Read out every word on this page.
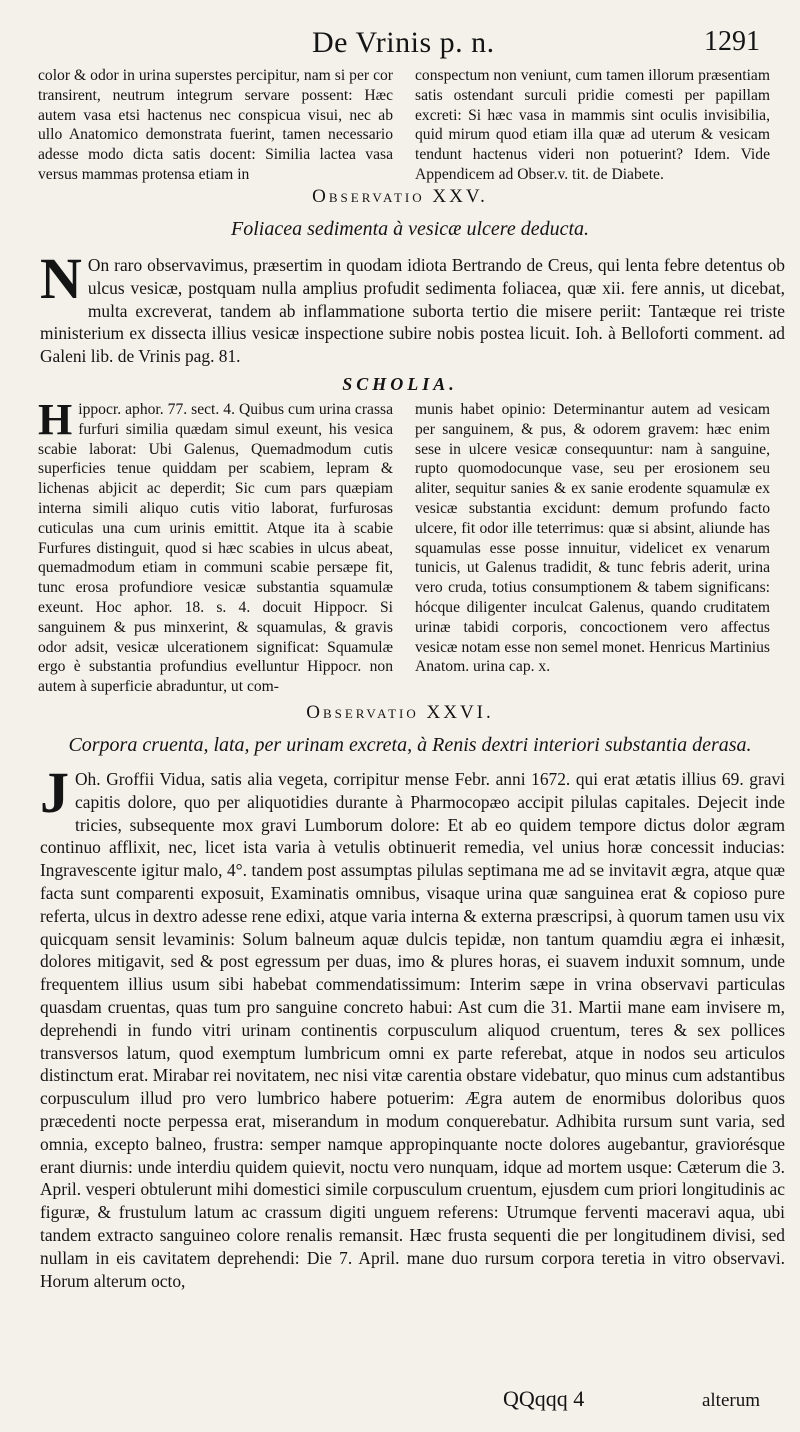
De Vrinis p. n.	1291

color & odor in urina superstes percipitur, nam si per cor transirent, neutrum integrum servare possent: Hæc autem vasa etsi hactenus nec conspicua visui, nec ab ullo Anatomico demonstrata fuerint, tamen necessario adesse modo dicta satis docent: Similia lactea vasa versus mammas protensa etiam in

conspectum non veniunt, cum tamen illorum præsentiam satis ostendant surculi pridie comesti per papillam excreti: Si hæc vasa in mammis sint oculis invisibilia, quid mirum quod etiam illa quæ ad uterum & vesicam tendunt hactenus videri non potuerint? Idem. Vide Appendicem ad Obser.v. tit. de Diabete.

Observatio XXV.
Foliacea sedimenta à vesicæ ulcere deducta.
N On raro observavimus, præsertim in quodam idiota Bertrando de Creus, qui lenta febre detentus ob ulcus vesicæ, postquam nulla amplius profudit sedimenta foliacea, quæ xii. fere annis, ut dicebat, multa excreverat, tandem ab inflammatione suborta tertio die misere periit: Tantæque rei triste ministerium ex dissecta illius vesicæ inspectione subire nobis postea licuit. Ioh. à Belloforti comment. ad Galeni lib. de Vrinis pag. 81.

SCHOLIA.
H ippocr. aphor. 77. sect. 4. Quibus cum urina crassa furfuri similia quædam simul exeunt, his vesica scabie laborat: Ubi Galenus, Quemadmodum cutis superficies tenue quiddam per scabiem, lepram & lichenas abjicit ac deperdit; Sic cum pars quæpiam interna simili aliquo cutis vitio laborat, furfurosas cuticulas una cum urinis emittit. Atque ita à scabie Furfures distinguit, quod si hæc scabies in ulcus abeat, quemadmodum etiam in communi scabie persæpe fit, tunc erosa profundiore vesicæ substantia squamulæ exeunt. Hoc aphor. 18. s. 4. docuit Hippocr. Si sanguinem & pus minxerint, & squamulas, & gravis odor adsit, vesicæ ulcerationem significat: Squamulæ ergo è substantia profundius evelluntur Hippocr. non autem à superficie abraduntur, ut com-

munis habet opinio: Determinantur autem ad vesicam per sanguinem, & pus, & odorem gravem: hæc enim sese in ulcere vesicæ consequuntur: nam à sanguine, rupto quomodocunque vase, seu per erosionem seu aliter, sequitur sanies & ex sanie erodente squamulæ ex vesicæ substantia excidunt: demum profundo facto ulcere, fit odor ille teterrimus: quæ si absint, aliunde has squamulas esse posse innuitur, videlicet ex venarum tunicis, ut Galenus tradidit, & tunc febris aderit, urina vero cruda, totius consumptionem & tabem significans: hócque diligenter inculcat Galenus, quando cruditatem urinæ tabidi corporis, concoctionem vero affectus vesicæ notam esse non semel monet. Henricus Martinius Anatom. urina cap. x.

Observatio XXVI.
Corpora cruenta, lata, per urinam excreta, à Renis dextri interiori substantia derasa.
J Oh. Groffii Vidua, satis alia vegeta, corripitur mense Febr. anni 1672. qui erat ætatis illius 69. gravi capitis dolore, quo per aliquotidies durante à Pharmocopæo accipit pilulas capitales. Dejecit inde tricies, subsequente mox gravi Lumborum dolore: Et ab eo quidem tempore dictus dolor ægram continuo afflixit, nec, licet ista varia à vetulis obtinuerit remedia, vel unius horæ concessit inducias: Ingravescente igitur malo, 4°. tandem post assumptas pilulas septimana me ad se invitavit ægra, atque quæ facta sunt comparenti exposuit, Examinatis omnibus, visaque urina quæ sanguinea erat & copioso pure referta, ulcus in dextro adesse rene edixi, atque varia interna & externa præscripsi, à quorum tamen usu vix quicquam sensit levaminis: Solum balneum aquæ dulcis tepidæ, non tantum quamdiu ægra ei inhæsit, dolores mitigavit, sed & post egressum per duas, imo & plures horas, ei suavem induxit somnum, unde frequentem illius usum sibi habebat commendatissimum: Interim sæpe in vrina observavi particulas quasdam cruentas, quas tum pro sanguine concreto habui: Ast cum die 31. Martii mane eam invisere m, deprehendi in fundo vitri urinam continentis corpusculum aliquod cruentum, teres & sex pollices transversos latum, quod exemptum lumbricum omni ex parte referebat, atque in nodos seu articulos distinctum erat. Mirabar rei novitatem, nec nisi vitæ carentia obstare videbatur, quo minus cum adstantibus corpusculum illud pro vero lumbrico habere potuerim: Ægra autem de enormibus doloribus quos præcedenti nocte perpessa erat, miserandum in modum conquerebatur. Adhibita rursum sunt varia, sed omnia, excepto balneo, frustra: semper namque appropinquante nocte dolores augebantur, graviorésque erant diurnis: unde interdiu quidem quievit, noctu vero nunquam, idque ad mortem usque: Cæterum die 3. April. vesperi obtulerunt mihi domestici simile corpusculum cruentum, ejusdem cum priori longitudinis ac figuræ, & frustulum latum ac crassum digiti unguem referens: Utrumque ferventi maceravi aqua, ubi tandem extracto sanguineo colore renalis remansit. Hæc frusta sequenti die per longitudinem divisi, sed nullam in eis cavitatem deprehendi: Die 7. April. mane duo rursum corpora teretia in vitro observavi. Horum alterum octo,

QQqqq 4	alterum
